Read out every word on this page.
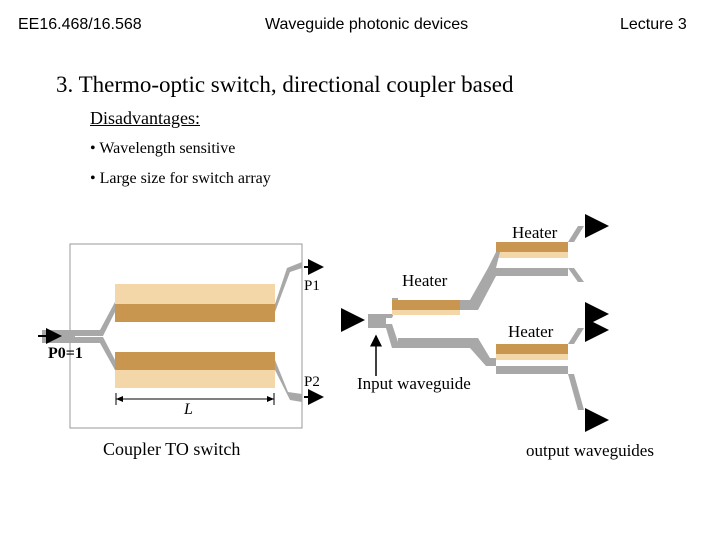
EE16.468/16.568	Waveguide photonic devices	Lecture 3
3. Thermo-optic switch, directional coupler based
Disadvantages:
• Wavelength sensitive
• Large size for switch array
P0=1
P1
P2
L
Coupler TO switch
Heater
Heater
Heater
Input waveguide
output waveguides
